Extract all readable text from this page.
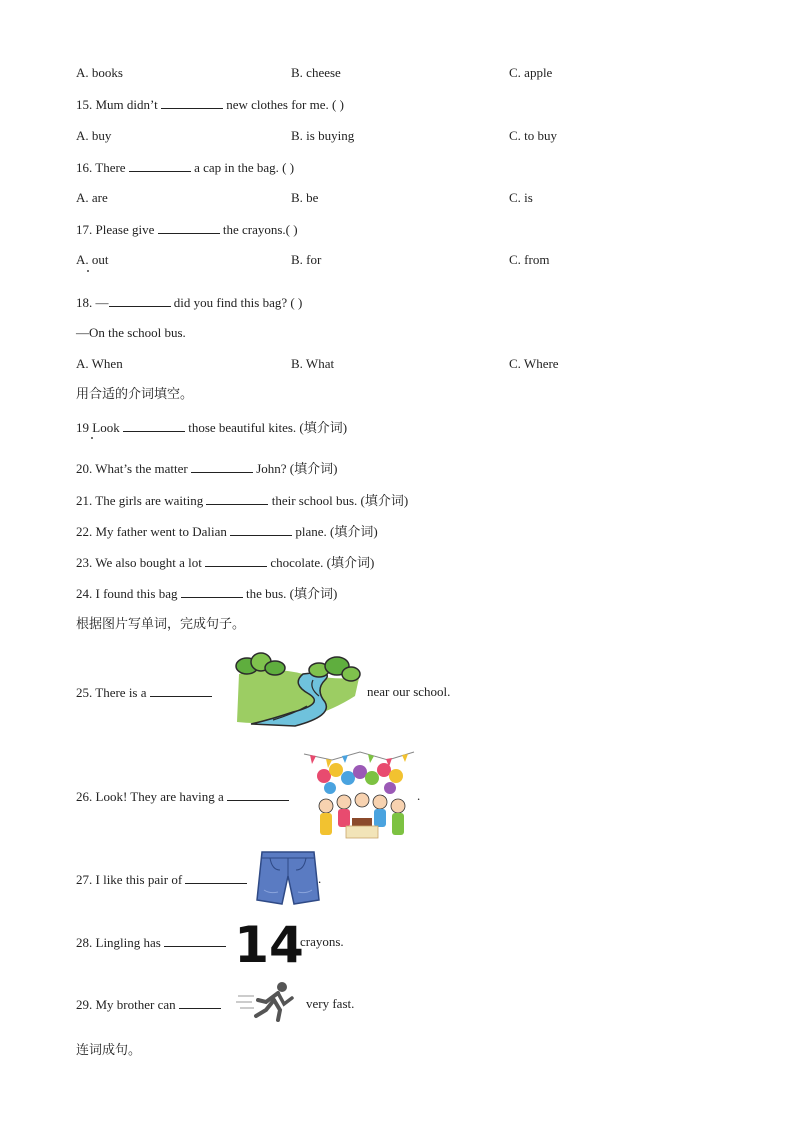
A. books	B. cheese	C. apple
15. Mum didn’t	new clothes for me. ( )
A. buy	B. is buying	C. to buy
16. There	a cap in the bag. ( )
A. are	B. be	C. is
17. Please give	the crayons.( )
A. out	B. for	C. from
18. —	did you find this bag? ( )
—On the school bus.
A. When	B. What	C. Where
用合适的介词填空。
19 Look	those beautiful kites. (填介词)
20. What’s the matter	John? (填介词)
21. The girls are waiting	their school bus. (填介词)
22. My father went to Dalian	plane. (填介词)
23. We also bought a lot	chocolate. (填介词)
24. I found this bag	the bus. (填介词)
根据图片写单词，完成句子。
25. There is a	near our school.
26. Look! They are having a	.
27. I like this pair of	.
28. Lingling has	14
crayons.
29. My brother can	very fast.
连词成句。
